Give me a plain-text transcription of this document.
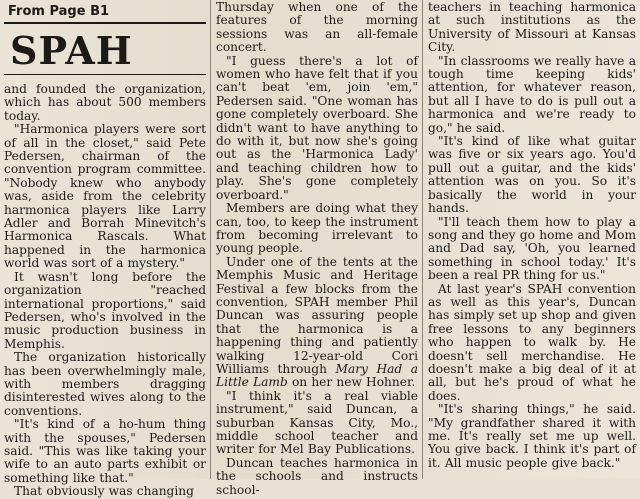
From Page B1
SPAH

and founded the organization, which has about 500 members today.

"Harmonica players were sort of all in the closet," said Pete Pedersen, chairman of the convention program committee. "Nobody knew who anybody was, aside from the celebrity harmonica players like Larry Adler and Borrah Minevitch's Harmonica Rascals. What happened in the harmonica world was sort of a mystery."

It wasn't long before the organization "reached international proportions," said Pedersen, who's involved in the music production business in Memphis.

The organization historically has been overwhelmingly male, with members dragging disinterested wives along to the conventions.

"It's kind of a ho-hum thing with the spouses," Pedersen said. "This was like taking your wife to an auto parts exhibit or something like that."

That obviously was changing

Thursday when one of the features of the morning sessions was an all-female concert.

"I guess there's a lot of women who have felt that if you can't beat 'em, join 'em," Pedersen said. "One woman has gone completely overboard. She didn't want to have anything to do with it, but now she's going out as the 'Harmonica Lady' and teaching children how to play. She's gone completely overboard."

Members are doing what they can, too, to keep the instrument from becoming irrelevant to young people.

Under one of the tents at the Memphis Music and Heritage Festival a few blocks from the convention, SPAH member Phil Duncan was assuring people that the harmonica is a happening thing and patiently walking 12-year-old Cori Williams through Mary Had a Little Lamb on her new Hohner.

"I think it's a real viable instrument," said Duncan, a suburban Kansas City, Mo., middle school teacher and writer for Mel Bay Publications.

Duncan teaches harmonica in the schools and instructs school-

teachers in teaching harmonica at such institutions as the University of Missouri at Kansas City.

"In classrooms we really have a tough time keeping kids' attention, for whatever reason, but all I have to do is pull out a harmonica and we're ready to go," he said.

"It's kind of like what guitar was five or six years ago. You'd pull out a guitar, and the kids' attention was on you. So it's basically the world in your hands.

"I'll teach them how to play a song and they go home and Mom and Dad say, 'Oh, you learned something in school today.' It's been a real PR thing for us."

At last year's SPAH convention as well as this year's, Duncan has simply set up shop and given free lessons to any beginners who happen to walk by. He doesn't sell merchandise. He doesn't make a big deal of it at all, but he's proud of what he does.

"It's sharing things," he said. "My grandfather shared it with me. It's really set me up well. You give back. I think it's part of it. All music people give back."
